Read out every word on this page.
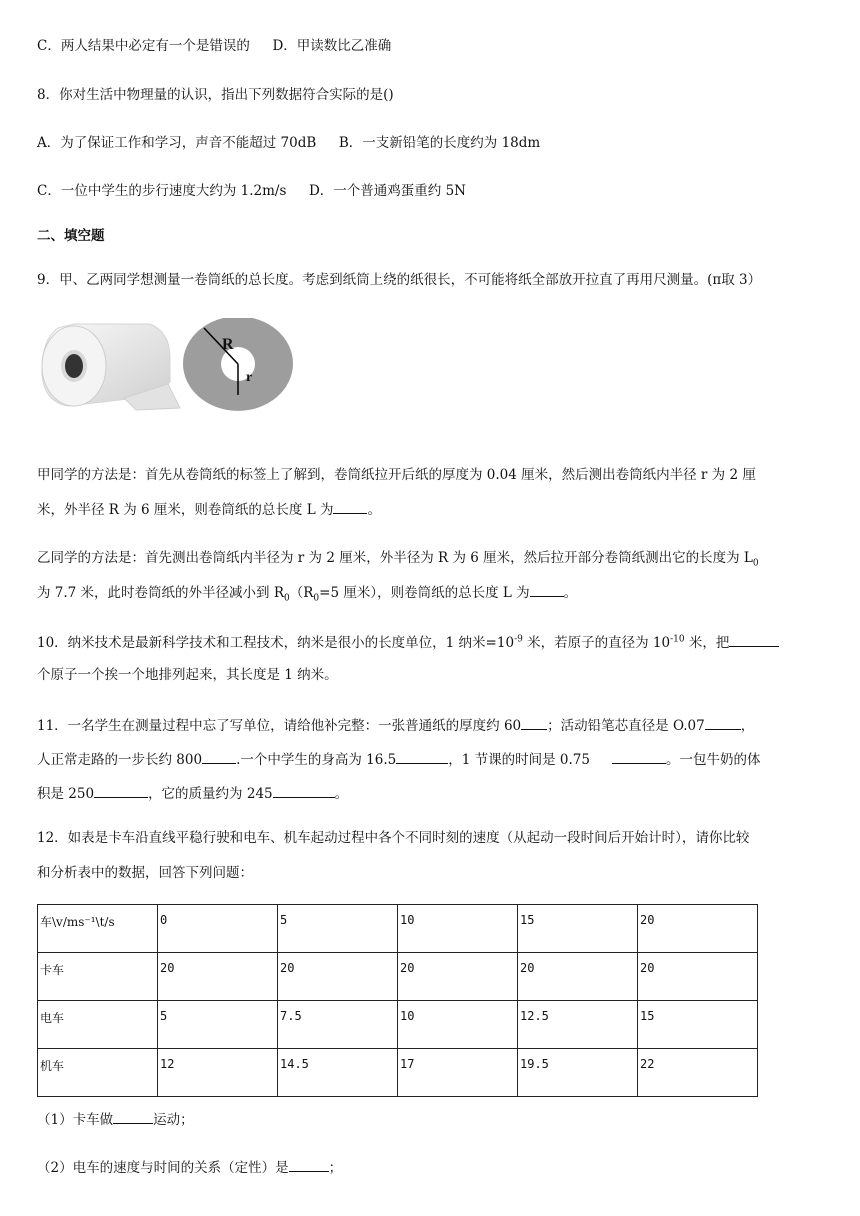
C．两人结果中必定有一个是错误的 D．甲读数比乙准确
8．你对生活中物理量的认识，指出下列数据符合实际的是()
A．为了保证工作和学习，声音不能超过 70dB B．一支新铅笔的长度约为 18dm
C．一位中学生的步行速度大约为 1.2m/s D．一个普通鸡蛋重约 5N
二、填空题
9．甲、乙两同学想测量一卷筒纸的总长度。考虑到纸筒上绕的纸很长，不可能将纸全部放开拉直了再用尺测量。(π取 3）
R
r
甲同学的方法是：首先从卷筒纸的标签上了解到，卷筒纸拉开后纸的厚度为 0.04 厘米，然后测出卷筒纸内半径 r 为 2 厘
米，外半径 R 为 6 厘米，则卷筒纸的总长度 L 为	。
乙同学的方法是：首先测出卷筒纸内半径为 r 为 2 厘米，外半径为 R 为 6 厘米，然后拉开部分卷筒纸测出它的长度为 $L_0$
为 7.7 米，此时卷筒纸的外半径减小到 $R_0(R_0=5$ 厘米），则卷筒纸的总长度 L 为	。
10．纳米技术是最新科学技术和工程技术，纳米是很小的长度单位，1 纳米$=10^{-9}$ 米，若原子的直径为 $10^{-10}$ 米，把
个原子一个挨一个地排列起来，其长度是 1 纳米。
11．一名学生在测量过程中忘了写单位，请给他补完整：一张普通纸的厚度约 60 ；活动铅笔芯直径是 O.07	，
人正常走路的一步长约 800	.一个中学生的身高为 16.5	，1 节课的时间是 0.75	。一包牛奶的体
积是 250	，它的质量约为 245	。
12．如表是卡车沿直线平稳行驶和电车、机车起动过程中各个不同时刻的速度（从起动一段时间后开始计时），请你比较
和分析表中的数据，回答下列问题：
车\v/ms⁻¹\t/s	0	5	10	15	20
卡车	20	20	20	20	20
电车	5	7.5	10	12.5	15
机车	12	14.5	17	19.5	22
（1）卡车做	运动；
（2）电车的速度与时间的关系（定性）是	；
